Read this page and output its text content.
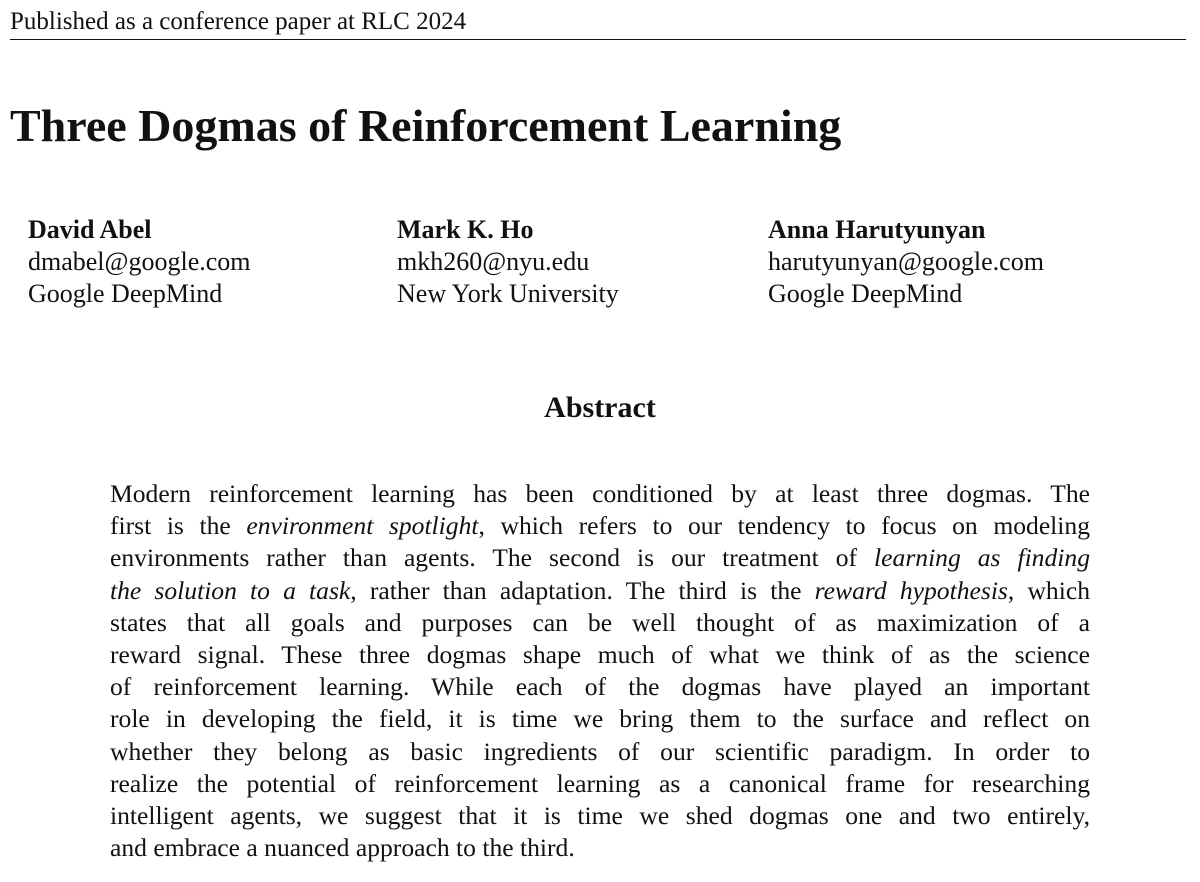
Published as a conference paper at RLC 2024
Three Dogmas of Reinforcement Learning
David Abel
dmabel@google.com
Google DeepMind
Mark K. Ho
mkh260@nyu.edu
New York University
Anna Harutyunyan
harutyunyan@google.com
Google DeepMind
Abstract
Modern reinforcement learning has been conditioned by at least three dogmas. The
first is the environment spotlight, which refers to our tendency to focus on modeling
environments rather than agents. The second is our treatment of learning as finding
the solution to a task, rather than adaptation. The third is the reward hypothesis, which
states that all goals and purposes can be well thought of as maximization of a
reward signal. These three dogmas shape much of what we think of as the science
of reinforcement learning. While each of the dogmas have played an important
role in developing the field, it is time we bring them to the surface and reflect on
whether they belong as basic ingredients of our scientific paradigm. In order to
realize the potential of reinforcement learning as a canonical frame for researching
intelligent agents, we suggest that it is time we shed dogmas one and two entirely,
and embrace a nuanced approach to the third.
